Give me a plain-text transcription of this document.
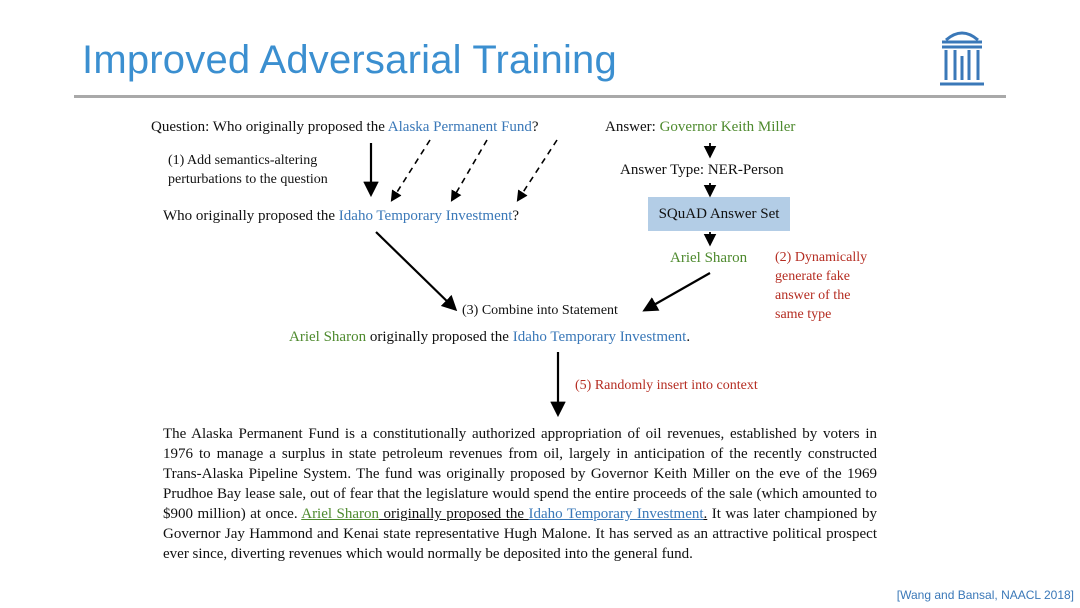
Improved Adversarial Training
Question: Who originally proposed the Alaska Permanent Fund?	Answer: Governor Keith Miller
(1) Add semantics-altering
perturbations to the question
Who originally proposed the Idaho Temporary Investment?
Answer Type: NER-Person
SQuAD Answer Set
Ariel Sharon (2) Dynamically
generate fake
answer of the
same type
(3) Combine into Statement
Ariel Sharon originally proposed the Idaho Temporary Investment.
(5) Randomly insert into context
The Alaska Permanent Fund is a constitutionally authorized appropriation of oil revenues, established by voters in 1976 to manage a surplus in state petroleum revenues from oil, largely in anticipation of the recently constructed Trans-Alaska Pipeline System. The fund was originally proposed by Governor Keith Miller on the eve of the 1969 Prudhoe Bay lease sale, out of fear that the legislature would spend the entire proceeds of the sale (which amounted to $900 million) at once. Ariel Sharon originally proposed the Idaho Temporary Investment. It was later championed by Governor Jay Hammond and Kenai state representative Hugh Malone. It has served as an attractive political prospect ever since, diverting revenues which would normally be deposited into the general fund.
[Wang and Bansal, NAACL 2018]
